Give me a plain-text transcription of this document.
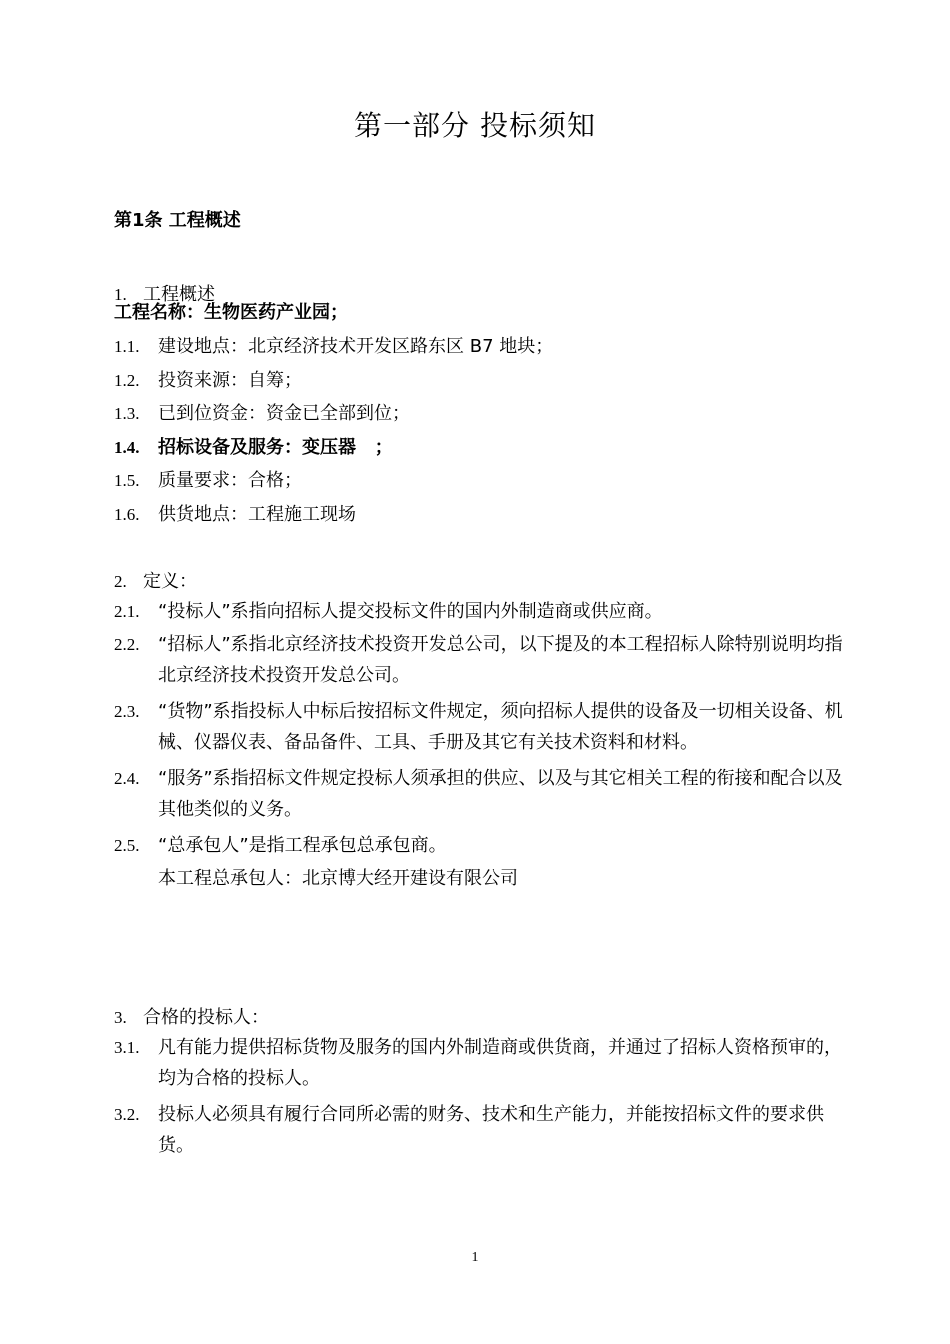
第一部分 投标须知
第1条 工程概述
1. 工程概述
工程名称：生物医药产业园；
1.1. 建设地点：北京经济技术开发区路东区 B7 地块；
1.2. 投资来源：自筹；
1.3. 已到位资金：资金已全部到位；
1.4. 招标设备及服务：变压器   ；
1.5. 质量要求：合格；
1.6. 供货地点：工程施工现场
2. 定义：
2.1.	“投标人”系指向招标人提交投标文件的国内外制造商或供应商。
2.2.	“招标人”系指北京经济技术投资开发总公司，以下提及的本工程招标人除特别说明均指北京经济技术投资开发总公司。
2.3.	“货物”系指投标人中标后按招标文件规定，须向招标人提供的设备及一切相关设备、机械、仪器仪表、备品备件、工具、手册及其它有关技术资料和材料。
2.4.	“服务”系指招标文件规定投标人须承担的供应、以及与其它相关工程的衔接和配合以及其他类似的义务。
2.5.	“总承包人”是指工程承包总承包商。
本工程总承包人：北京博大经开建设有限公司
3. 合格的投标人：
3.1.	凡有能力提供招标货物及服务的国内外制造商或供货商，并通过了招标人资格预审的，均为合格的投标人。
3.2.	投标人必须具有履行合同所必需的财务、技术和生产能力，并能按招标文件的要求供货。
1
